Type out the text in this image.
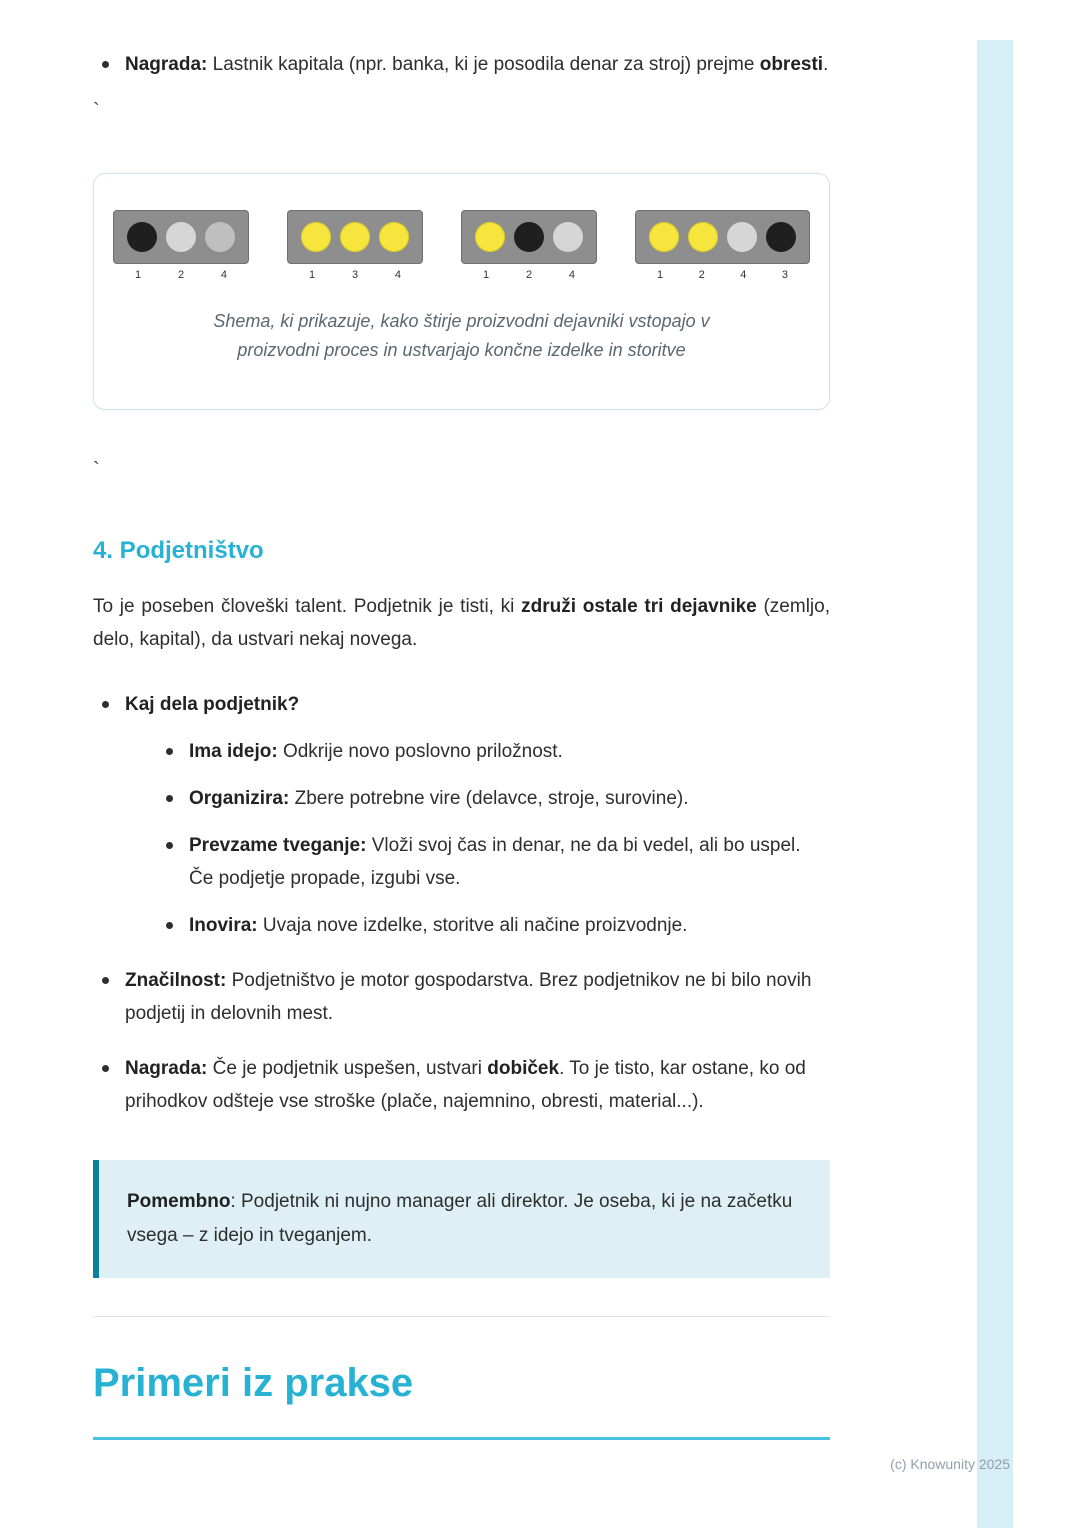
Nagrada: Lastnik kapitala (npr. banka, ki je posodila denar za stroj) prejme obresti.
`
1	2	4	1	3	4	1	2	4	1	2	4	3
Shema, ki prikazuje, kako štirje proizvodni dejavniki vstopajo v
proizvodni proces in ustvarjajo končne izdelke in storitve
`
4. Podjetništvo

To je poseben človeški talent. Podjetnik je tisti, ki združi ostale tri dejavnike (zemljo, delo, kapital), da ustvari nekaj novega.

Kaj dela podjetnik?
Ima idejo: Odkrije novo poslovno priložnost.
Organizira: Zbere potrebne vire (delavce, stroje, surovine).
Prevzame tveganje: Vloži svoj čas in denar, ne da bi vedel, ali bo uspel. Če podjetje propade, izgubi vse.
Inovira: Uvaja nove izdelke, storitve ali načine proizvodnje.
Značilnost: Podjetništvo je motor gospodarstva. Brez podjetnikov ne bi bilo novih podjetij in delovnih mest.
Nagrada: Če je podjetnik uspešen, ustvari dobiček. To je tisto, kar ostane, ko od prihodkov odšteje vse stroške (plače, najemnino, obresti, material...).

Pomembno: Podjetnik ni nujno manager ali direktor. Je oseba, ki je na začetku vsega – z idejo in tveganjem.

Primeri iz prakse
(c) Knowunity 2025
